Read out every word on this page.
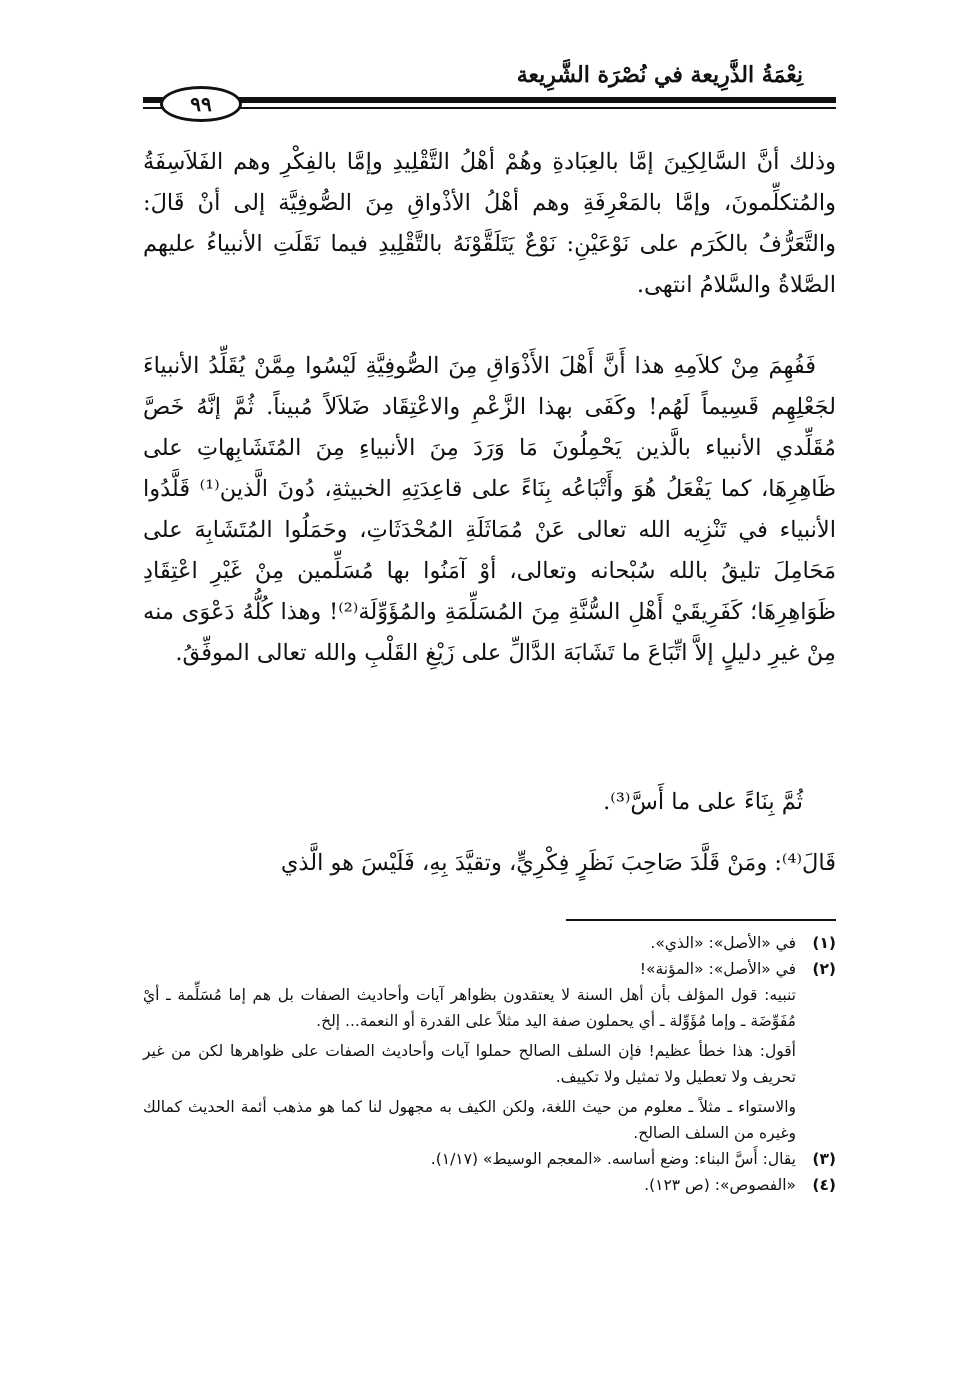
نِعْمَةُ الذَّرِيعة في نُصْرَة الشَّرِيعة
٩٩

وذلك أنَّ السَّالِكِينَ إمَّا بالعِبَادةِ وهُمْ أهْلُ التَّقْلِيدِ وإمَّا بالفِكْرِ وهم الفَلاَسِفَةُ والمُتكلِّمونَ، وإمَّا بالمَعْرِفَةِ وهم أهْلُ الأذْواقِ مِنَ الصُّوفِيَّة إلى أنْ قَالَ: والتَّعَرُّفُ بالكَرَم على نَوْعَيْنِ: نَوْعٌ يَتَلَقَّوْنَهُ بالتَّقْلِيدِ فيما نَقَلَتِ الأنبياءُ عليهم الصَّلاةُ والسَّلامُ انتهى.

فَفُهِمَ مِنْ كلاَمِهِ هذا أَنَّ أَهْلَ الأَذْوَاقِ مِنَ الصُّوفِيَّةِ لَيْسُوا مِمَّنْ يُقَلِّدُ الأنبياءَ لجَعْلِهِم قَسِيماً لَهُم! وكَفَى بهذا الزَّعْمِ والاعْتِقَاد ضَلاَلاً مُبيناً. ثُمَّ إنَّهُ خَصَّ مُقَلِّدي الأنبياء بالَّذين يَحْمِلُونَ مَا وَرَدَ مِنَ الأنبياءِ مِنَ المُتَشَابِهاتِ على ظَاهِرِهَا، كما يَفْعَلُ هُوَ وأَتْبَاعُه بِنَاءً على قاعِدَتِهِ الخبيثةِ، دُونَ الَّذين⁽¹⁾ قَلَّدُوا الأنبياء في تَنْزِيه الله تعالى عَنْ مُمَاثَلَةِ المُحْدَثَاتِ، وحَمَلُوا المُتَشَابِهَ على مَحَامِلَ تليقُ بالله سُبْحانه وتعالى، أوْ آمَنُوا بها مُسَلِّمين مِنْ غَيْرِ اعْتِقَادِ ظَوَاهِرِهَا؛ كَفَرِيقَيْ أَهْلِ السُّنَّةِ مِنَ المُسَلِّمَةِ والمُؤَوِّلَة⁽²⁾! وهذا كُلُّهُ دَعْوَى منه مِنْ غيرِ دليلٍ إلاَّ اتِّبَاعَ ما تَشَابَهَ الدَّالِّ على زَيْغِ القَلْبِ والله تعالى الموفِّقُ.

ثُمَّ بِنَاءً على ما أَسَّ⁽³⁾.

قَالَ⁽⁴⁾: ومَنْ قَلَّدَ صَاحِبَ نَظَرٍ فِكْرِيٍّ، وتقيَّدَ بِهِ، فَلَيْسَ هو الَّذي

(١)
في «الأصل»: «الذي».
(٢)
في «الأصل»: «المؤنة»!

تنبيه: قول المؤلف بأن أهل السنة لا يعتقدون بظواهر آيات وأحاديث الصفات بل هم إما مُسَلِّمة ـ أيْ مُفَوِّضَة ـ وإما مُؤَوِّلة ـ أي يحملون صفة اليد مثلاً على القدرة أو النعمة... إلخ.

أقول: هذا خطأ عظيم! فإن السلف الصالح حملوا آيات وأحاديث الصفات على ظواهرها لكن من غير تحريف ولا تعطيل ولا تمثيل ولا تكييف.

والاستواء ـ مثلاً ـ معلوم من حيث اللغة، ولكن الكيف به مجهول لنا كما هو مذهب أئمة الحديث كمالك وغيره من السلف الصالح.

(٣)
يقال: أَسَّ البناء: وضع أساسه. «المعجم الوسيط» (١/١٧).
(٤)
«الفصوص»: (ص ١٢٣).
